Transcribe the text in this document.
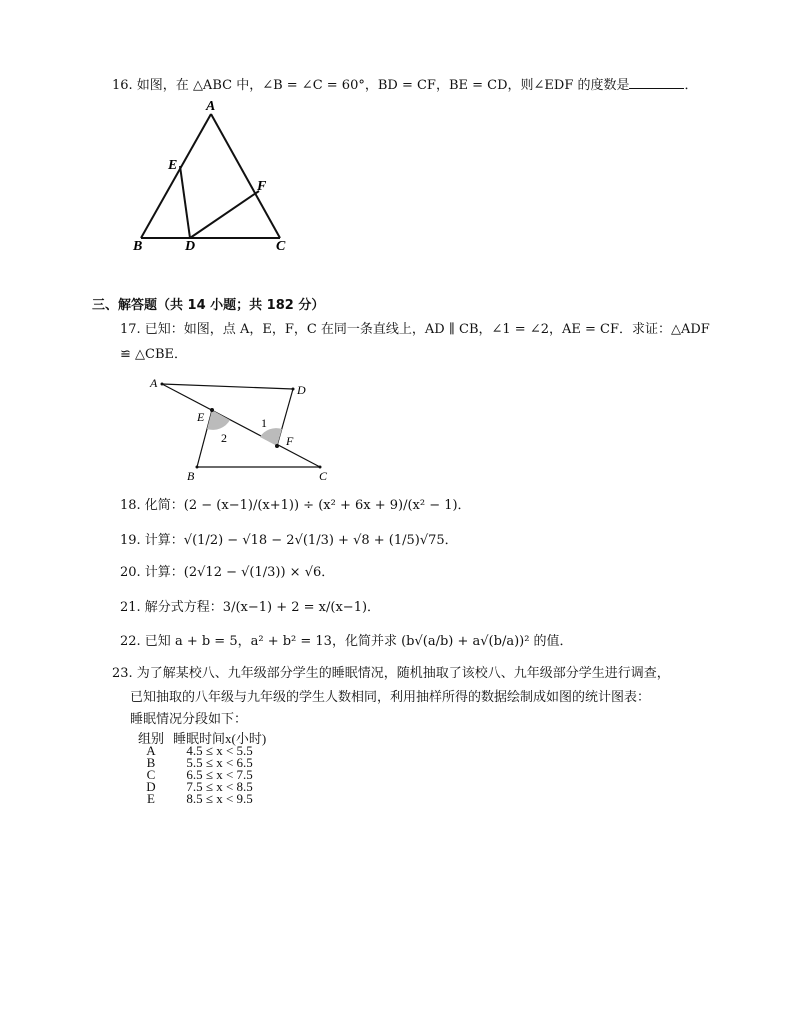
16. 如图，在 △ABC 中，∠B = ∠C = 60°，BD = CF，BE = CD，则∠EDF 的度数是	．
A
E
F
B	D	C
三、解答题（共 14 小题；共 182 分）
17. 已知：如图，点 A，E，F，C 在同一条直线上，AD ∥ CB，∠1 = ∠2，AE = CF．求证：△ADF
≌ △CBE．
A	D
E
F
B	C
1
2
18. 化简：(2 − (x−1)/(x+1)) ÷ (x² + 6x + 9)/(x² − 1)．
19. 计算：√(1/2) − √18 − 2√(1/3) + √8 + (1/5)√75．
20. 计算：(2√12 − √(1/3)) × √6．
21. 解分式方程：3/(x−1) + 2 = x/(x−1)．
22. 已知 a + b = 5，a² + b² = 13，化简并求 (b√(a/b) + a√(b/a))² 的值．
23. 为了解某校八、九年级部分学生的睡眠情况，随机抽取了该校八、九年级部分学生进行调查，
已知抽取的八年级与九年级的学生人数相同，利用抽样所得的数据绘制成如图的统计图表：
睡眠情况分段如下：
组别	睡眠时间x(小时)
A	4.5 ≤ x < 5.5
B	5.5 ≤ x < 6.5
C	6.5 ≤ x < 7.5
D	7.5 ≤ x < 8.5
E	8.5 ≤ x < 9.5
